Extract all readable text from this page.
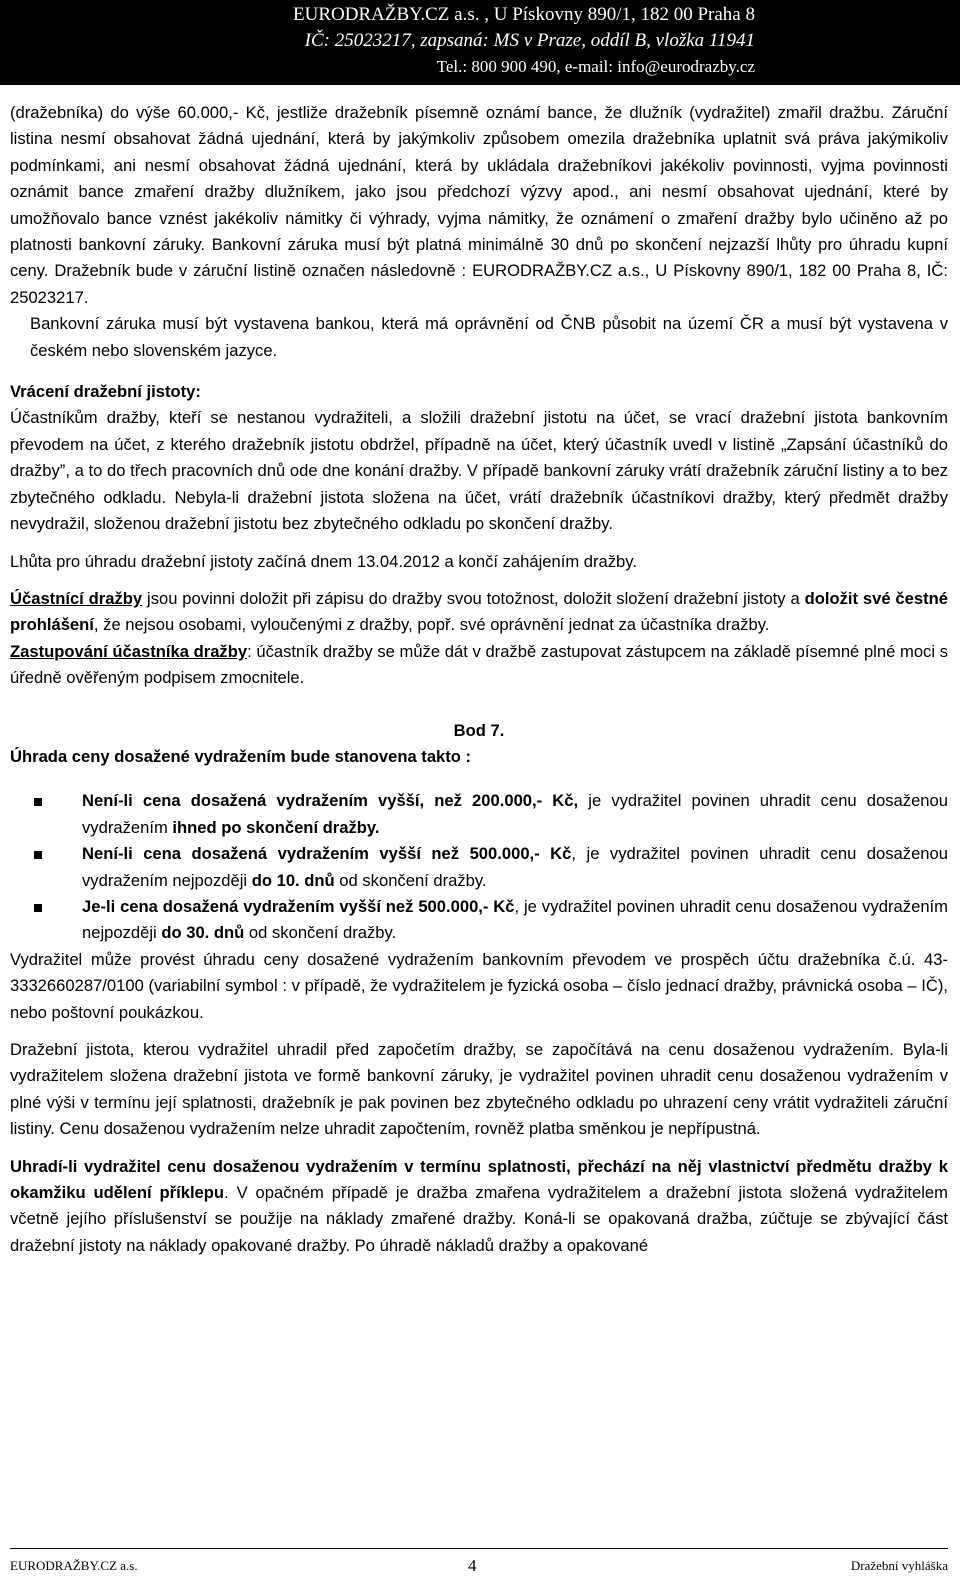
EURODRAŽBY.CZ a.s. , U Pískovny 890/1, 182 00 Praha 8
IČ: 25023217, zapsaná: MS v Praze, oddíl B, vložka 11941
Tel.: 800 900 490, e-mail: info@eurodrazby.cz

(dražebníka) do výše 60.000,- Kč, jestliže dražebník písemně oznámí bance, že dlužník (vydražitel) zmařil dražbu. Záruční listina nesmí obsahovat žádná ujednání, která by jakýmkoliv způsobem omezila dražebníka uplatnit svá práva jakýmikoliv podmínkami, ani nesmí obsahovat žádná ujednání, která by ukládala dražebníkovi jakékoliv povinnosti, vyjma povinnosti oznámit bance zmaření dražby dlužníkem, jako jsou předchozí výzvy apod., ani nesmí obsahovat ujednání, které by umožňovalo bance vznést jakékoliv námitky či výhrady, vyjma námitky, že oznámení o zmaření dražby bylo učiněno až po platnosti bankovní záruky. Bankovní záruka musí být platná minimálně 30 dnů po skončení nejzazší lhůty pro úhradu kupní ceny. Dražebník bude v záruční listině označen následovně : EURODRAŽBY.CZ a.s., U Pískovny 890/1, 182 00 Praha 8, IČ: 25023217.

Bankovní záruka musí být vystavena bankou, která má oprávnění od ČNB působit na území ČR a musí být vystavena v českém nebo slovenském jazyce.

Vrácení dražební jistoty:

Účastníkům dražby, kteří se nestanou vydražiteli, a složili dražební jistotu na účet, se vrací dražební jistota bankovním převodem na účet, z kterého dražebník jistotu obdržel, případně na účet, který účastník uvedl v listině „Zapsání účastníků do dražby”, a to do třech pracovních dnů ode dne konání dražby. V případě bankovní záruky vrátí dražebník záruční listiny a to bez zbytečného odkladu. Nebyla-li dražební jistota složena na účet, vrátí dražebník účastníkovi dražby, který předmět dražby nevydražil, složenou dražební jistotu bez zbytečného odkladu po skončení dražby.

Lhůta pro úhradu dražební jistoty začíná dnem 13.04.2012 a končí zahájením dražby.

Účastnící dražby jsou povinni doložit při zápisu do dražby svou totožnost, doložit složení dražební jistoty a doložit své čestné prohlášení, že nejsou osobami, vyloučenými z dražby, popř. své oprávnění jednat za účastníka dražby.

Zastupování účastníka dražby: účastník dražby se může dát v dražbě zastupovat zástupcem na základě písemné plné moci s úředně ověřeným podpisem zmocnitele.

Bod 7.

Úhrada ceny dosažené vydražením bude stanovena takto :

Není-li cena dosažená vydražením vyšší, než 200.000,- Kč, je vydražitel povinen uhradit cenu dosaženou vydražením ihned po skončení dražby.
Není-li cena dosažená vydražením vyšší než 500.000,- Kč, je vydražitel povinen uhradit cenu dosaženou vydražením nejpozději do 10. dnů od skončení dražby.
Je-li cena dosažená vydražením vyšší než 500.000,- Kč, je vydražitel povinen uhradit cenu dosaženou vydražením nejpozději do 30. dnů od skončení dražby.

Vydražitel může provést úhradu ceny dosažené vydražením bankovním převodem ve prospěch účtu dražebníka č.ú. 43-3332660287/0100 (variabilní symbol : v případě, že vydražitelem je fyzická osoba – číslo jednací dražby, právnická osoba – IČ), nebo poštovní poukázkou.

Dražební jistota, kterou vydražitel uhradil před započetím dražby, se započítává na cenu dosaženou vydražením. Byla-li vydražitelem složena dražební jistota ve formě bankovní záruky, je vydražitel povinen uhradit cenu dosaženou vydražením v plné výši v termínu její splatnosti, dražebník je pak povinen bez zbytečného odkladu po uhrazení ceny vrátit vydražiteli záruční listiny. Cenu dosaženou vydražením nelze uhradit započtením, rovněž platba směnkou je nepřípustná.

Uhradí-li vydražitel cenu dosaženou vydražením v termínu splatnosti, přechází na něj vlastnictví předmětu dražby k okamžiku udělení příklepu. V opačném případě je dražba zmařena vydražitelem a dražební jistota složená vydražitelem včetně jejího příslušenství se použije na náklady zmařené dražby. Koná-li se opakovaná dražba, zúčtuje se zbývající část dražební jistoty na náklady opakované dražby. Po úhradě nákladů dražby a opakované

EURODRAŽBY.CZ a.s.	4	Dražební vyhláška
